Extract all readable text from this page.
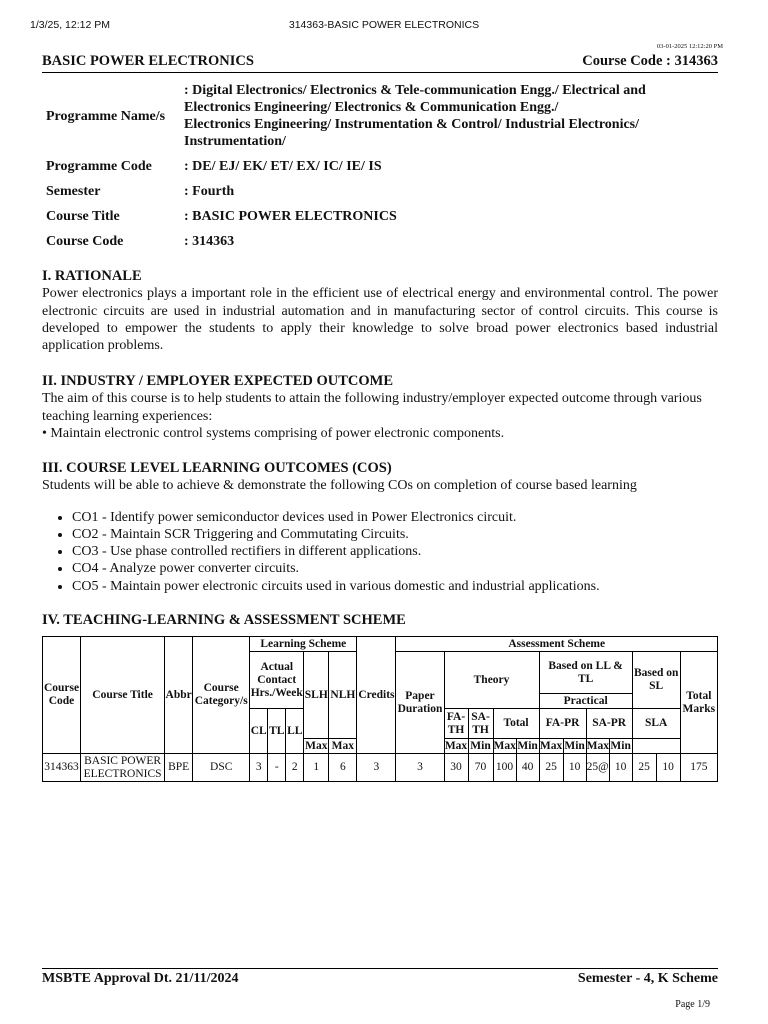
1/3/25, 12:12 PM	314363-BASIC POWER ELECTRONICS
03-01-2025 12:12:20 PM
BASIC POWER ELECTRONICS	Course Code : 314363
Programme Name/s	: Digital Electronics/ Electronics & Tele-communication Engg./ Electrical and
Electronics Engineering/ Electronics & Communication Engg./
Electronics Engineering/ Instrumentation & Control/ Industrial Electronics/
Instrumentation/

Programme Code	: DE/ EJ/ EK/ ET/ EX/ IC/ IE/ IS
Semester	: Fourth
Course Title	: BASIC POWER ELECTRONICS
Course Code	: 314363
I. RATIONALE

Power electronics plays a important role in the efficient use of electrical energy and environmental control. The power electronic circuits are used in industrial automation and in manufacturing sector of control circuits. This course is developed to empower the students to apply their knowledge to solve broad power electronics based industrial application problems.

II. INDUSTRY / EMPLOYER EXPECTED OUTCOME

The aim of this course is to help students to attain the following industry/employer expected outcome through various teaching learning experiences:

• Maintain electronic control systems comprising of power electronic components.

III. COURSE LEVEL LEARNING OUTCOMES (COS)

Students will be able to achieve & demonstrate the following COs on completion of course based learning

• CO1 - Identify power semiconductor devices used in Power Electronics circuit.
• CO2 - Maintain SCR Triggering and Commutating Circuits.
• CO3 - Use phase controlled rectifiers in different applications.
• CO4 - Analyze power converter circuits.
• CO5 - Maintain power electronic circuits used in various domestic and industrial applications.
IV. TEACHING-LEARNING & ASSESSMENT SCHEME
Course Code	Course Title	Abbr	Course Category/s	Learning Scheme					Credits	Assessment Scheme											
				Actual Contact Hrs./Week			SLH	NLH		Paper Duration	Theory				Based on LL & TL				Based on SL		Total Marks
															Practical						
				CL	TL	LL					FA-TH	SA-TH	Total		FA-PR		SA-PR		SLA		
							Max	Max			Max	Min	Max	Min	Max	Min	Max	Min			
314363	BASIC POWER ELECTRONICS	BPE	DSC	3	-	2	1	6	3	3	30	70	100	40	25	10	25@	10	25	10	175
MSBTE Approval Dt. 21/11/2024	Semester - 4, K Scheme
Page 1/9
